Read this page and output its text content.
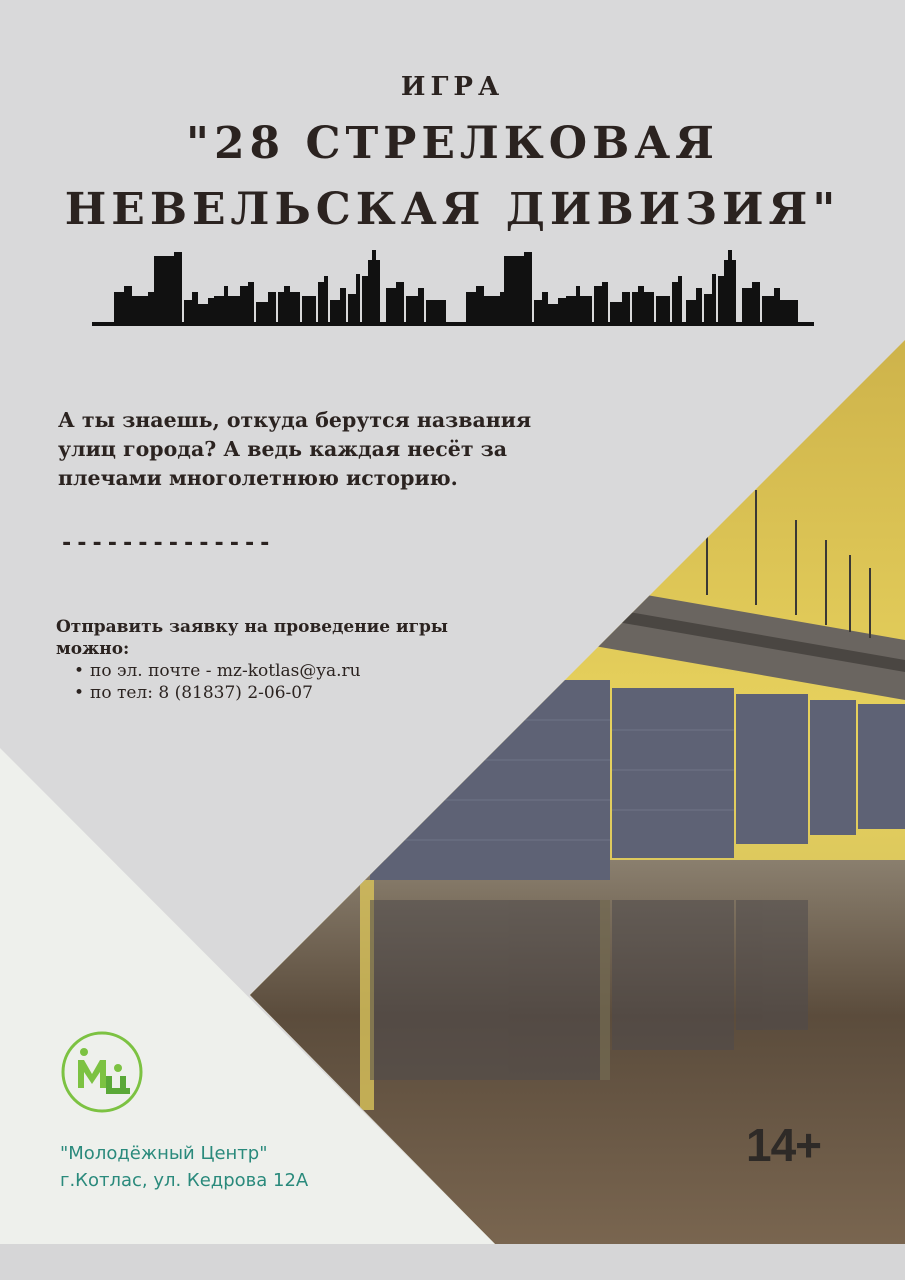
ИГРА
"28 СТРЕЛКОВАЯ
НЕВЕЛЬСКАЯ ДИВИЗИЯ"

А ты знаешь, откуда берутся названия улиц города? А ведь каждая несёт за плечами многолетнюю историю.

--------------
Отправить заявку на проведение игры можно:
• по эл. почте - mz-kotlas@ya.ru
• по тел: 8 (81837) 2-06-07
"Молодёжный Центр"
г.Котлас, ул. Кедрова 12А
14+
